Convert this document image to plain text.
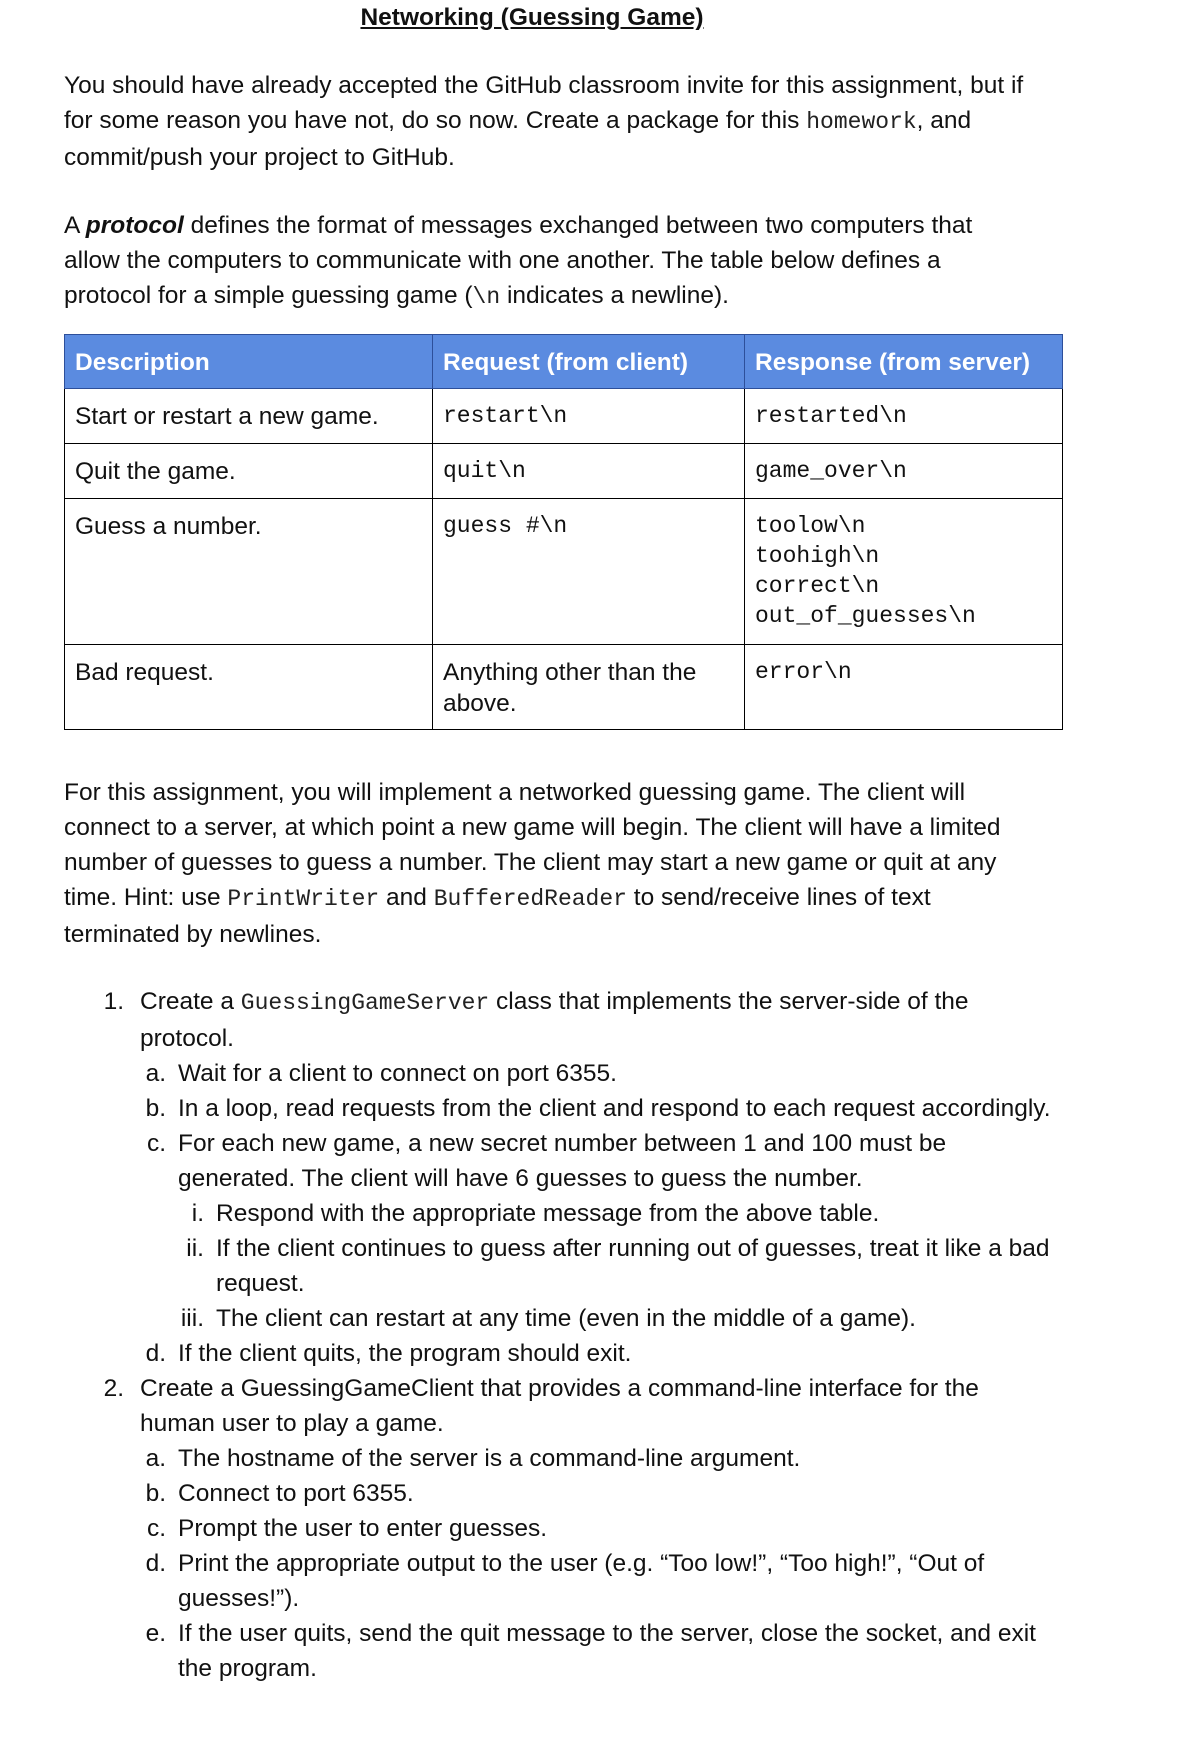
Networking (Guessing Game)

You should have already accepted the GitHub classroom invite for this assignment, but if for some reason you have not, do so now. Create a package for this homework, and commit/push your project to GitHub.

A protocol defines the format of messages exchanged between two computers that allow the computers to communicate with one another. The table below defines a protocol for a simple guessing game (\n indicates a newline).

Description	Request (from client)	Response (from server)
Start or restart a new game.	restart\n	restarted\n

Quit the game.	quit\n	game_over\n

Guess a number.	guess #\n	toolow\n
toohigh\n
correct\n
out_of_guesses\n

Bad request.	Anything other than the above.	error\n

For this assignment, you will implement a networked guessing game. The client will connect to a server, at which point a new game will begin. The client will have a limited number of guesses to guess a number. The client may start a new game or quit at any time. Hint: use PrintWriter and BufferedReader to send/receive lines of text terminated by newlines.

1. Create a GuessingGameServer class that implements the server-side of the protocol.
a. Wait for a client to connect on port 6355.
b. In a loop, read requests from the client and respond to each request accordingly.
c. For each new game, a new secret number between 1 and 100 must be generated. The client will have 6 guesses to guess the number.
i. Respond with the appropriate message from the above table.
ii. If the client continues to guess after running out of guesses, treat it like a bad request.
iii. The client can restart at any time (even in the middle of a game).
d. If the client quits, the program should exit.
2. Create a GuessingGameClient that provides a command-line interface for the human user to play a game.
a. The hostname of the server is a command-line argument.
b. Connect to port 6355.
c. Prompt the user to enter guesses.
d. Print the appropriate output to the user (e.g. “Too low!”, “Too high!”, “Out of guesses!”).
e. If the user quits, send the quit message to the server, close the socket, and exit the program.
